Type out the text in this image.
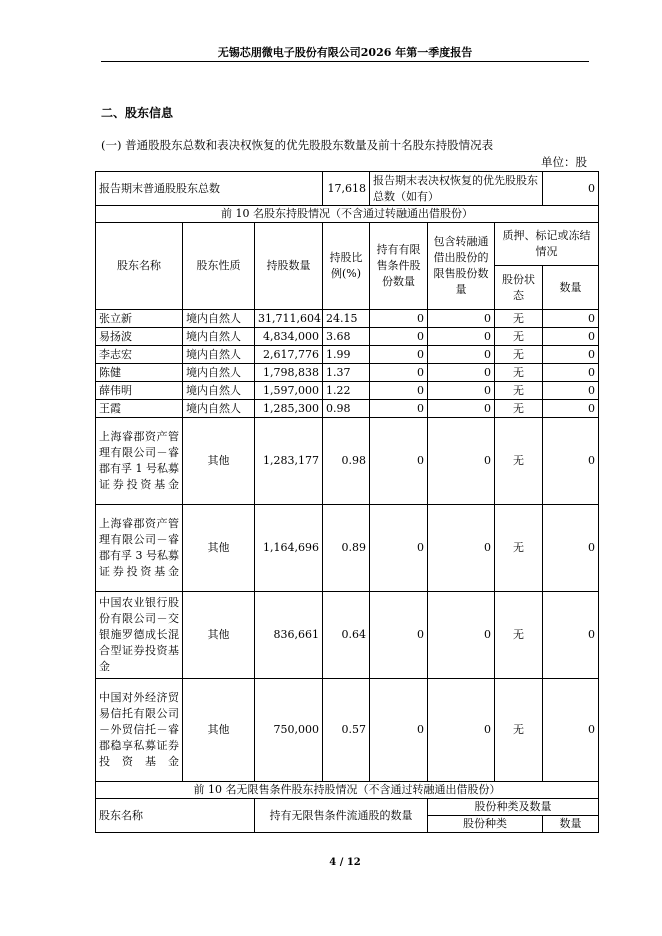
无锡芯朋微电子股份有限公司2026 年第一季度报告
二、股东信息
(一) 普通股股东总数和表决权恢复的优先股股东数量及前十名股东持股情况表
单位：股
报告期末普通股股东总数			17,618	报告期末表决权恢复的优先股股东总数（如有）			0
前 10 名股东持股情况（不含通过转融通出借股份）							
股东名称	股东性质	持股数量	持股比例(%)	持有有限售条件股份数量	包含转融通借出股份的限售股份数量	质押、标记或冻结情况	
						股份状态	数量
张立新	境内自然人	31,711,604	24.15	0	0	无	0
易扬波	境内自然人	4,834,000	3.68	0	0	无	0
李志宏	境内自然人	2,617,776	1.99	0	0	无	0
陈健	境内自然人	1,798,838	1.37	0	0	无	0
薛伟明	境内自然人	1,597,000	1.22	0	0	无	0
王霞	境内自然人	1,285,300	0.98	0	0	无	0
上海睿郡资产管理有限公司－睿郡有孚 1 号私募证券投资基金	其他	1,283,177	0.98	0	0	无	0
上海睿郡资产管理有限公司－睿郡有孚 3 号私募证券投资基金	其他	1,164,696	0.89	0	0	无	0
中国农业银行股份有限公司－交银施罗德成长混合型证券投资基金	其他	836,661	0.64	0	0	无	0
中国对外经济贸易信托有限公司－外贸信托－睿郡稳享私募证券投资基金	其他	750,000	0.57	0	0	无	0
前 10 名无限售条件股东持股情况（不含通过转融通出借股份）							
股东名称		持有无限售条件流通股的数量			股份种类及数量		
					股份种类		数量
4 / 12
